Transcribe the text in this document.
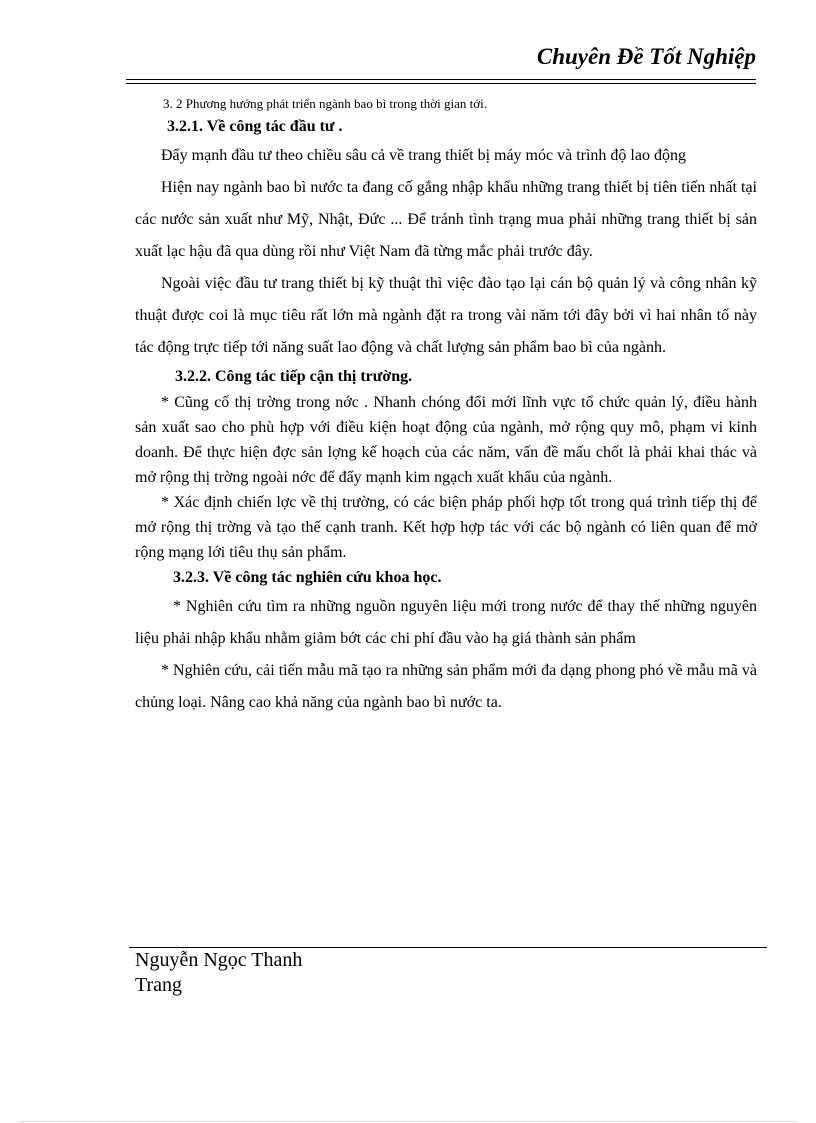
Chuyên Đề Tốt Nghiệp

3. 2 Phương hướng phát triển ngành bao bì trong thời gian tới.

3.2.1. Về công tác đầu tư .

Đẩy mạnh đầu tư theo chiều sâu cả về trang thiết bị máy móc và trình độ lao động

Hiện nay ngành bao bì nước ta đang cố gắng nhập khẩu những trang thiết bị tiên tiến nhất tại các nước sản xuất như Mỹ, Nhật, Đức ... Để tránh tình trạng mua phải những trang thiết bị sản xuất lạc hậu đã qua dùng rồi như Việt Nam đã từng mắc phải trước đây.

Ngoài việc đầu tư trang thiết bị kỹ thuật thì việc đào tạo lại cán bộ quản lý và công nhân kỹ thuật được coi là mục tiêu rất lớn mà ngành đặt ra trong vài năm tới đây bởi vì hai nhân tố này tác động trực tiếp tới năng suất lao động và chất lượng sản phẩm bao bì của ngành.

3.2.2. Công tác tiếp cận thị trường.

* Cũng cố thị trờng trong nớc . Nhanh chóng đổi mới lĩnh vực tổ chức quản lý, điều hành sản xuất sao cho phù hợp với điều kiện hoạt động của ngành, mở rộng quy mô, phạm vi kinh doanh. Để thực hiện đợc sản lợng kế hoạch của các năm, vấn đề mấu chốt là phải khai thác và mở rộng thị trờng ngoài nớc để đẩy mạnh kim ngạch xuất khẩu của ngành.

* Xác định chiến lợc về thị trường, có các biện pháp phối hợp tốt trong quá trình tiếp thị để mở rộng thị trờng và tạo thế cạnh tranh. Kết hợp hợp tác với các bộ ngành có liên quan để mở rộng mạng lới tiêu thụ sản phẩm.

3.2.3. Về công tác nghiên cứu khoa học.

* Nghiên cứu tìm ra những nguồn nguyên liệu mới trong nước để thay thế những nguyên liệu phải nhập khẩu nhằm giảm bớt các chi phí đầu vào hạ giá thành sản phẩm

* Nghiên cứu, cải tiến mẫu mã tạo ra những sản phẩm mới đa dạng phong phó về mẫu mã và chủng loại. Nâng cao khả năng của ngành bao bì nước ta.

Nguyễn Ngọc Thanh Trang
